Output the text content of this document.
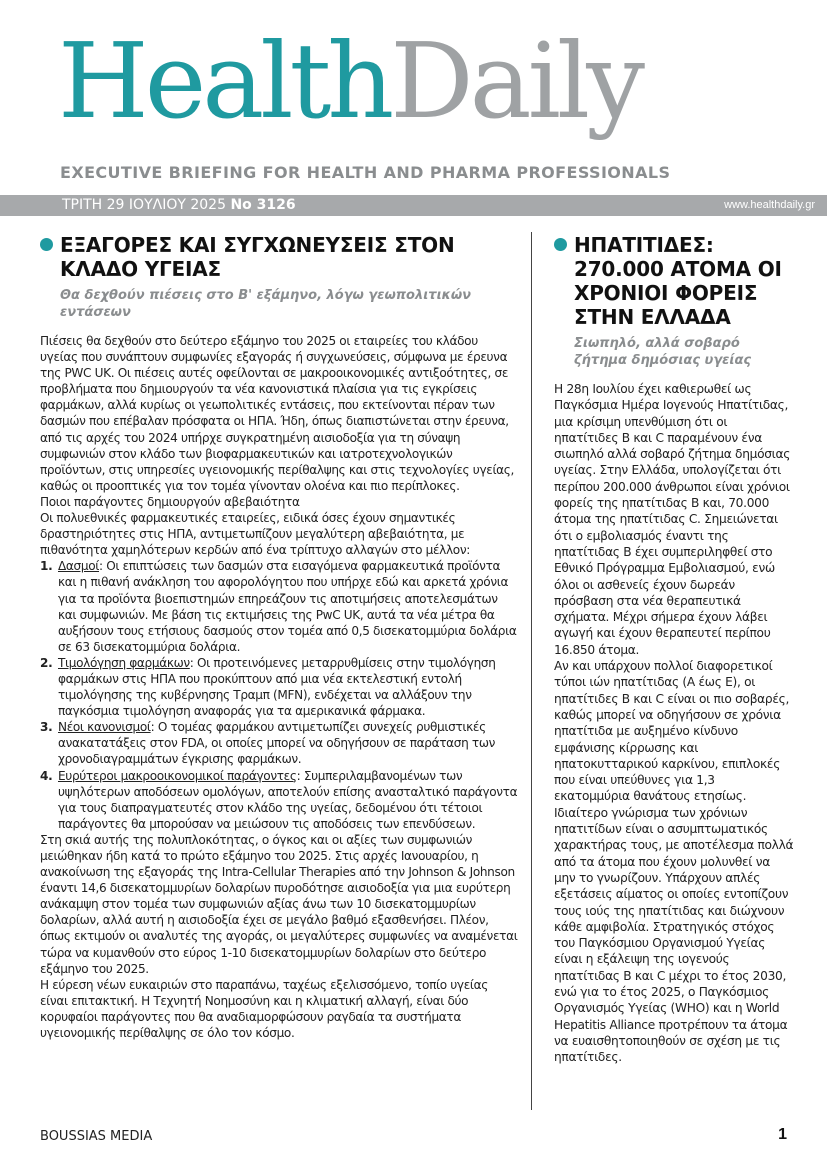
HealthDaily
EXECUTIVE BRIEFING FOR HEALTH AND PHARMA PROFESSIONALS
ΤΡΙΤΗ 29 ΙΟΥΛΙΟΥ 2025 No 3126	www.healthdaily.gr
ΕΞΑΓΟΡΕΣ ΚΑΙ ΣΥΓΧΩΝΕΥΣΕΙΣ ΣΤΟΝ ΚΛΑΔΟ ΥΓΕΙΑΣ
Θα δεχθούν πιέσεις στο Β' εξάμηνο, λόγω γεωπολιτικών εντάσεων

Πιέσεις θα δεχθούν στο δεύτερο εξάμηνο του 2025 οι εταιρείες του κλάδου υγείας που συνάπτουν συμφωνίες εξαγοράς ή συγχωνεύσεις, σύμφωνα με έρευνα της PWC UK. Οι πιέσεις αυτές οφείλονται σε μακροοικονομικές αντιξοότητες, σε προβλήματα που δημιουργούν τα νέα κανονιστικά πλαίσια για τις εγκρίσεις φαρμάκων, αλλά κυρίως οι γεωπολιτικές εντάσεις, που εκτείνονται πέραν των δασμών που επέβαλαν πρόσφατα οι ΗΠΑ. Ήδη, όπως διαπιστώνεται στην έρευνα, από τις αρχές του 2024 υπήρχε συγκρατημένη αισιοδοξία για τη σύναψη συμφωνιών στον κλάδο των βιοφαρμακευτικών και ιατροτεχνολογικών προϊόντων, στις υπηρεσίες υγειονομικής περίθαλψης και στις τεχνολογίες υγείας, καθώς οι προοπτικές για τον τομέα γίνονταν ολοένα και πιο περίπλοκες.

Ποιοι παράγοντες δημιουργούν αβεβαιότητα

Οι πολυεθνικές φαρμακευτικές εταιρείες, ειδικά όσες έχουν σημαντικές δραστηριότητες στις ΗΠΑ, αντιμετωπίζουν μεγαλύτερη αβεβαιότητα, με πιθανότητα χαμηλότερων κερδών από ένα τρίπτυχο αλλαγών στο μέλλον:

1. Δασμοί: Οι επιπτώσεις των δασμών στα εισαγόμενα φαρμακευτικά προϊόντα και η πιθανή ανάκληση του αφορολόγητου που υπήρχε εδώ και αρκετά χρόνια για τα προϊόντα βιοεπιστημών επηρεάζουν τις αποτιμήσεις αποτελεσμάτων και συμφωνιών. Με βάση τις εκτιμήσεις της PwC UK, αυτά τα νέα μέτρα θα αυξήσουν τους ετήσιους δασμούς στον τομέα από 0,5 δισεκατομμύρια δολάρια σε 63 δισεκατομμύρια δολάρια.
2. Τιμολόγηση φαρμάκων: Οι προτεινόμενες μεταρρυθμίσεις στην τιμολόγηση φαρμάκων στις ΗΠΑ που προκύπτουν από μια νέα εκτελεστική εντολή τιμολόγησης της κυβέρνησης Τραμπ (MFN), ενδέχεται να αλλάξουν την παγκόσμια τιμολόγηση αναφοράς για τα αμερικανικά φάρμακα.
3. Νέοι κανονισμοί: Ο τομέας φαρμάκου αντιμετωπίζει συνεχείς ρυθμιστικές ανακατατάξεις στον FDA, οι οποίες μπορεί να οδηγήσουν σε παράταση των χρονοδιαγραμμάτων έγκρισης φαρμάκων.
4. Ευρύτεροι μακροοικονομικοί παράγοντες: Συμπεριλαμβανομένων των υψηλότερων αποδόσεων ομολόγων, αποτελούν επίσης ανασταλτικό παράγοντα για τους διαπραγματευτές στον κλάδο της υγείας, δεδομένου ότι τέτοιοι παράγοντες θα μπορούσαν να μειώσουν τις αποδόσεις των επενδύσεων.

Στη σκιά αυτής της πολυπλοκότητας, ο όγκος και οι αξίες των συμφωνιών μειώθηκαν ήδη κατά το πρώτο εξάμηνο του 2025. Στις αρχές Ιανουαρίου, η ανακοίνωση της εξαγοράς της Intra-Cellular Therapies από την Johnson & Johnson έναντι 14,6 δισεκατομμυρίων δολαρίων πυροδότησε αισιοδοξία για μια ευρύτερη ανάκαμψη στον τομέα των συμφωνιών αξίας άνω των 10 δισεκατομμυρίων δολαρίων, αλλά αυτή η αισιοδοξία έχει σε μεγάλο βαθμό εξασθενήσει. Πλέον, όπως εκτιμούν οι αναλυτές της αγοράς, οι μεγαλύτερες συμφωνίες να αναμένεται τώρα να κυμανθούν στο εύρος 1-10 δισεκατομμυρίων δολαρίων στο δεύτερο εξάμηνο του 2025.

Η εύρεση νέων ευκαιριών στο παραπάνω, ταχέως εξελισσόμενο, τοπίο υγείας είναι επιτακτική. Η Τεχνητή Νοημοσύνη και η κλιματική αλλαγή, είναι δύο κορυφαίοι παράγοντες που θα αναδιαμορφώσουν ραγδαία τα συστήματα υγειονομικής περίθαλψης σε όλο τον κόσμο.

ΗΠΑΤΙΤΙΔΕΣ: 270.000 ΑΤΟΜΑ ΟΙ ΧΡΟΝΙΟΙ ΦΟΡΕΙΣ ΣΤΗΝ ΕΛΛΑΔΑ
Σιωπηλό, αλλά σοβαρό ζήτημα δημόσιας υγείας

Η 28η Ιουλίου έχει καθιερωθεί ως Παγκόσμια Ημέρα Ιογενούς Ηπατίτιδας, μια κρίσιμη υπενθύμιση ότι οι ηπατίτιδες B και C παραμένουν ένα σιωπηλό αλλά σοβαρό ζήτημα δημόσιας υγείας. Στην Ελλάδα, υπολογίζεται ότι περίπου 200.000 άνθρωποι είναι χρόνιοι φορείς της ηπατίτιδας Β και, 70.000 άτομα της ηπατίτιδας C. Σημειώνεται ότι ο εμβολιασμός έναντι της ηπατίτιδας Β έχει συμπεριληφθεί στο Εθνικό Πρόγραμμα Εμβολιασμού, ενώ όλοι οι ασθενείς έχουν δωρεάν πρόσβαση στα νέα θεραπευτικά σχήματα. Μέχρι σήμερα έχουν λάβει αγωγή και έχουν θεραπευτεί περίπου 16.850 άτομα.

Αν και υπάρχουν πολλοί διαφορετικοί τύποι ιών ηπατίτιδας (Α έως Ε), οι ηπατίτιδες Β και C είναι οι πιο σοβαρές, καθώς μπορεί να οδηγήσουν σε χρόνια ηπατίτιδα με αυξημένο κίνδυνο εμφάνισης κίρρωσης και ηπατοκυτταρικού καρκίνου, επιπλοκές που είναι υπεύθυνες για 1,3 εκατομμύρια θανάτους ετησίως. Ιδιαίτερο γνώρισμα των χρόνιων ηπατιτίδων είναι ο ασυμπτωματικός χαρακτήρας τους, με αποτέλεσμα πολλά από τα άτομα που έχουν μολυνθεί να μην το γνωρίζουν. Υπάρχουν απλές εξετάσεις αίματος οι οποίες εντοπίζουν τους ιούς της ηπατίτιδας και διώχνουν κάθε αμφιβολία. Στρατηγικός στόχος του Παγκόσμιου Οργανισμού Υγείας είναι η εξάλειψη της ιογενούς ηπατίτιδας Β και C μέχρι το έτος 2030, ενώ για το έτος 2025, ο Παγκόσμιος Οργανισμός Υγείας (WHO) και η World Hepatitis Alliance προτρέπουν τα άτομα να ευαισθητοποιηθούν σε σχέση με τις ηπατίτιδες.

BOUSSIAS MEDIA	1
